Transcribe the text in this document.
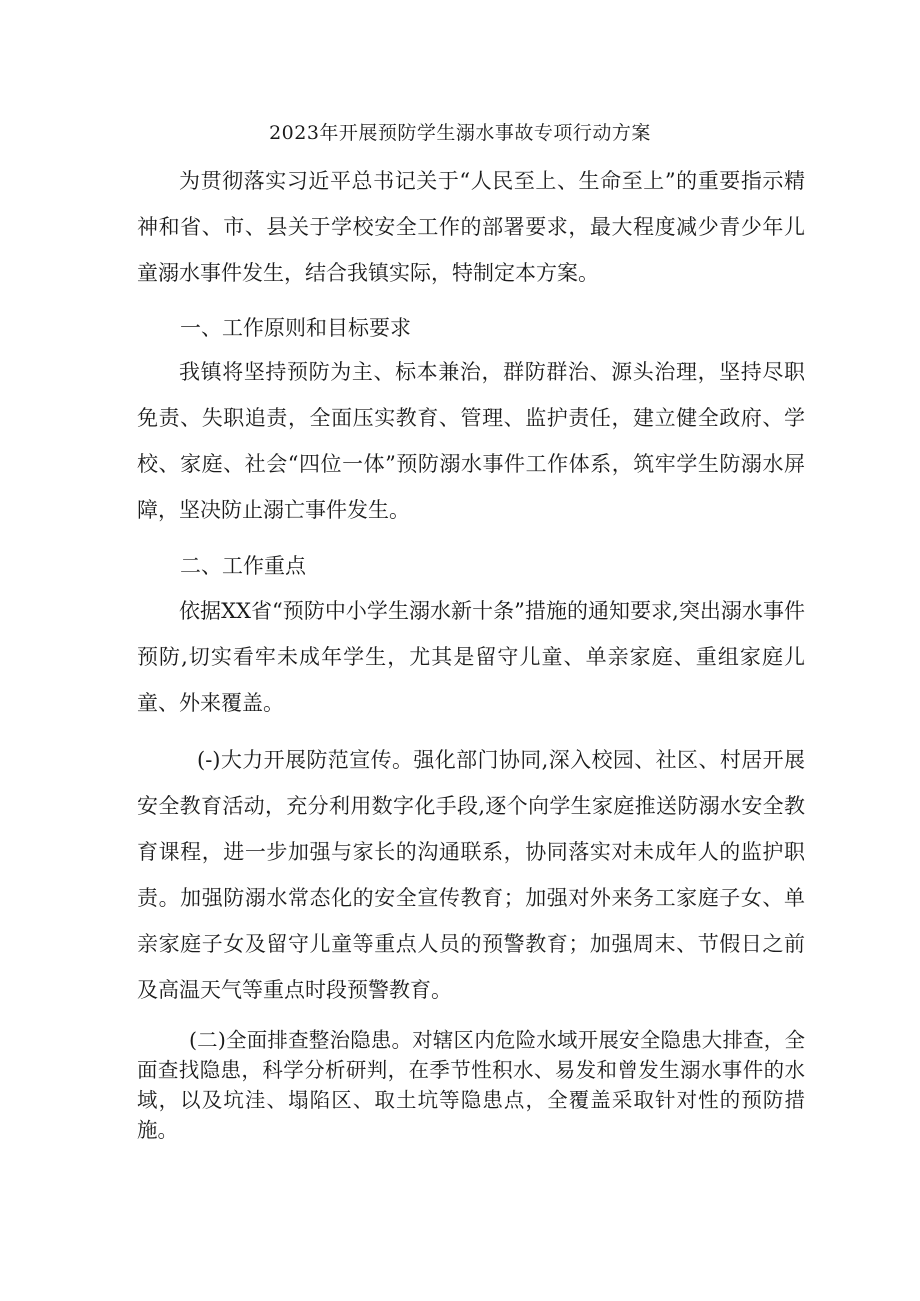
2023年开展预防学生溺水事故专项行动方案

为贯彻落实习近平总书记关于“人民至上、生命至上”的重要指示精神和省、市、县关于学校安全工作的部署要求，最大程度减少青少年儿童溺水事件发生，结合我镇实际，特制定本方案。

一、工作原则和目标要求

我镇将坚持预防为主、标本兼治，群防群治、源头治理，坚持尽职免责、失职追责，全面压实教育、管理、监护责任，建立健全政府、学校、家庭、社会“四位一体”预防溺水事件工作体系，筑牢学生防溺水屏障，坚决防止溺亡事件发生。

二、工作重点

依据XX省“预防中小学生溺水新十条”措施的通知要求,突出溺水事件预防,切实看牢未成年学生，尤其是留守儿童、单亲家庭、重组家庭儿童、外来覆盖。

(-)大力开展防范宣传。强化部门协同,深入校园、社区、村居开展安全教育活动，充分利用数字化手段,逐个向学生家庭推送防溺水安全教育课程，进一步加强与家长的沟通联系，协同落实对未成年人的监护职责。加强防溺水常态化的安全宣传教育；加强对外来务工家庭子女、单亲家庭子女及留守儿童等重点人员的预警教育；加强周末、节假日之前及高温天气等重点时段预警教育。

(二)全面排查整治隐患。对辖区内危险水域开展安全隐患大排查，全面查找隐患，科学分析研判，在季节性积水、易发和曾发生溺水事件的水域，以及坑洼、塌陷区、取土坑等隐患点，全覆盖采取针对性的预防措施。
